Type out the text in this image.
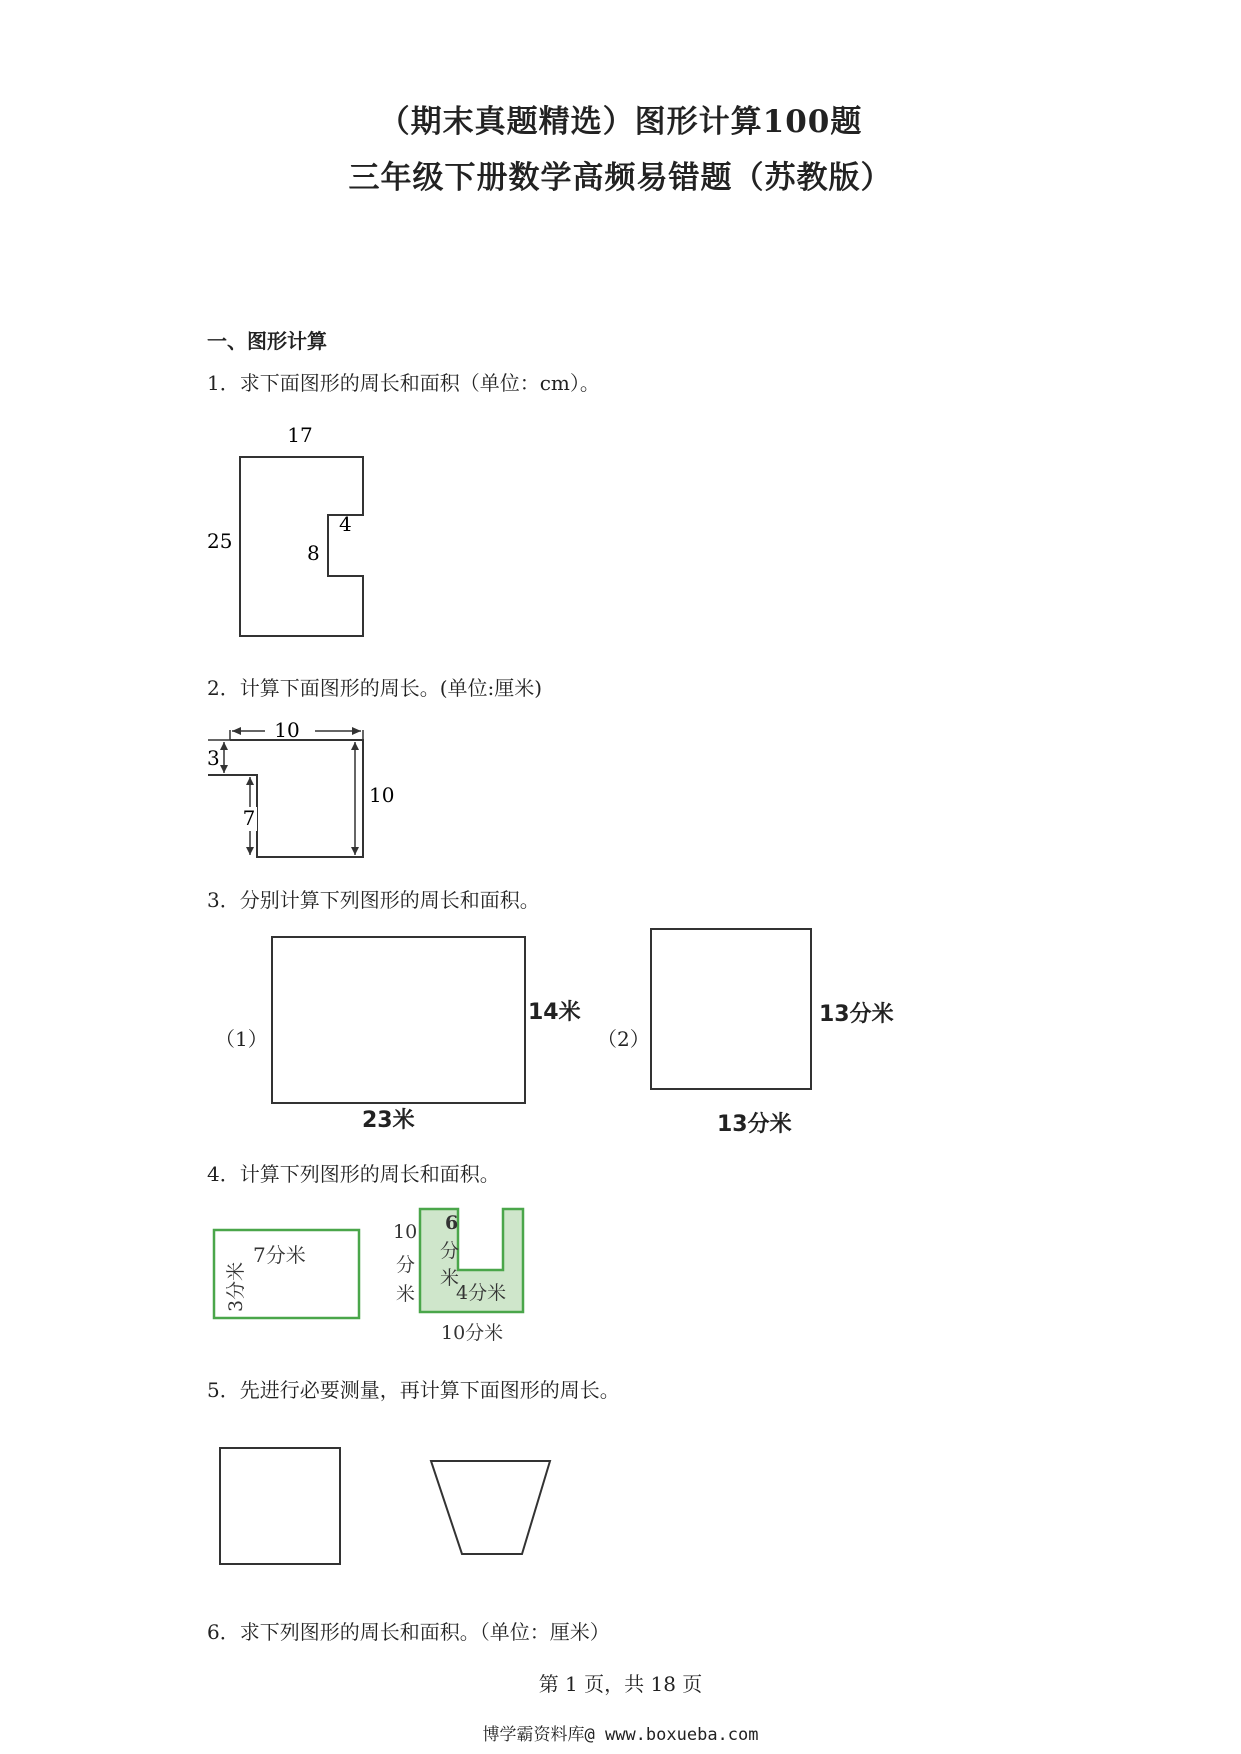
（期末真题精选）图形计算100题
三年级下册数学高频易错题（苏教版）
一、图形计算
1．求下面图形的周长和面积（单位：cm）。
17
25	8
4
2．计算下面图形的周长。(单位:厘米)
10
3
7
10
3．分别计算下列图形的周长和面积。
（1）
14米
23米
（2）
13分米
13分米
4．计算下列图形的周长和面积。
7分米
3分米
10
分
米
6
分
米
4分米
10分米
5．先进行必要测量，再计算下面图形的周长。
6．求下列图形的周长和面积。（单位：厘米）
第 1 页，共 18 页
博学霸资料库@ www.boxueba.com
